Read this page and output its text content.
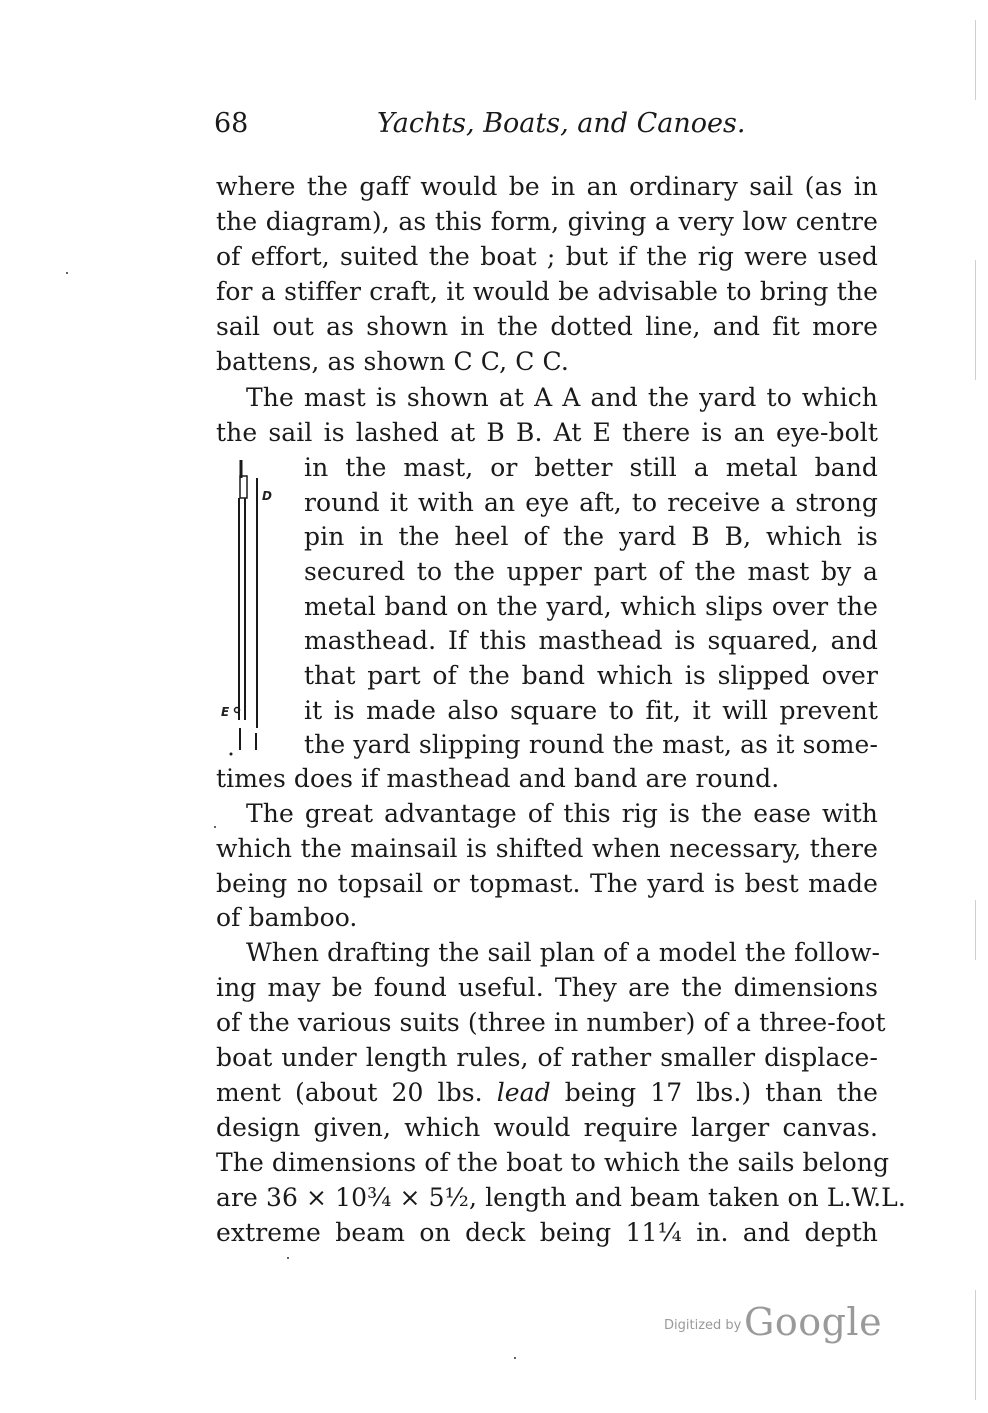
68	Yachts, Boats, and Canoes.
where the gaff would be in an ordinary sail (as in
the diagram), as this form, giving a very low centre
of effort, suited the boat ; but if the rig were used
for a stiffer craft, it would be advisable to bring the
sail out as shown in the dotted line, and fit more
battens, as shown C C, C C.
The mast is shown at A A and the yard to which
the sail is lashed at B B. At E there is an eye-bolt
in the mast, or better still a metal band
round it with an eye aft, to receive a strong
pin in the heel of the yard B B, which is
secured to the upper part of the mast by a
metal band on the yard, which slips over the
masthead. If this masthead is squared, and
that part of the band which is slipped over
it is made also square to fit, it will prevent
the yard slipping round the mast, as it some-
times does if masthead and band are round.
D
E
The great advantage of this rig is the ease with
which the mainsail is shifted when necessary, there
being no topsail or topmast. The yard is best made
of bamboo.
When drafting the sail plan of a model the follow-
ing may be found useful. They are the dimensions
of the various suits (three in number) of a three-foot
boat under length rules, of rather smaller displace-
ment (about 20 lbs. lead being 17 lbs.) than the
design given, which would require larger canvas.
The dimensions of the boat to which the sails belong
are 36 × 10¾ × 5½, length and beam taken on L.W.L.
extreme beam on deck being 11¼ in. and depth
Digitized by Google
